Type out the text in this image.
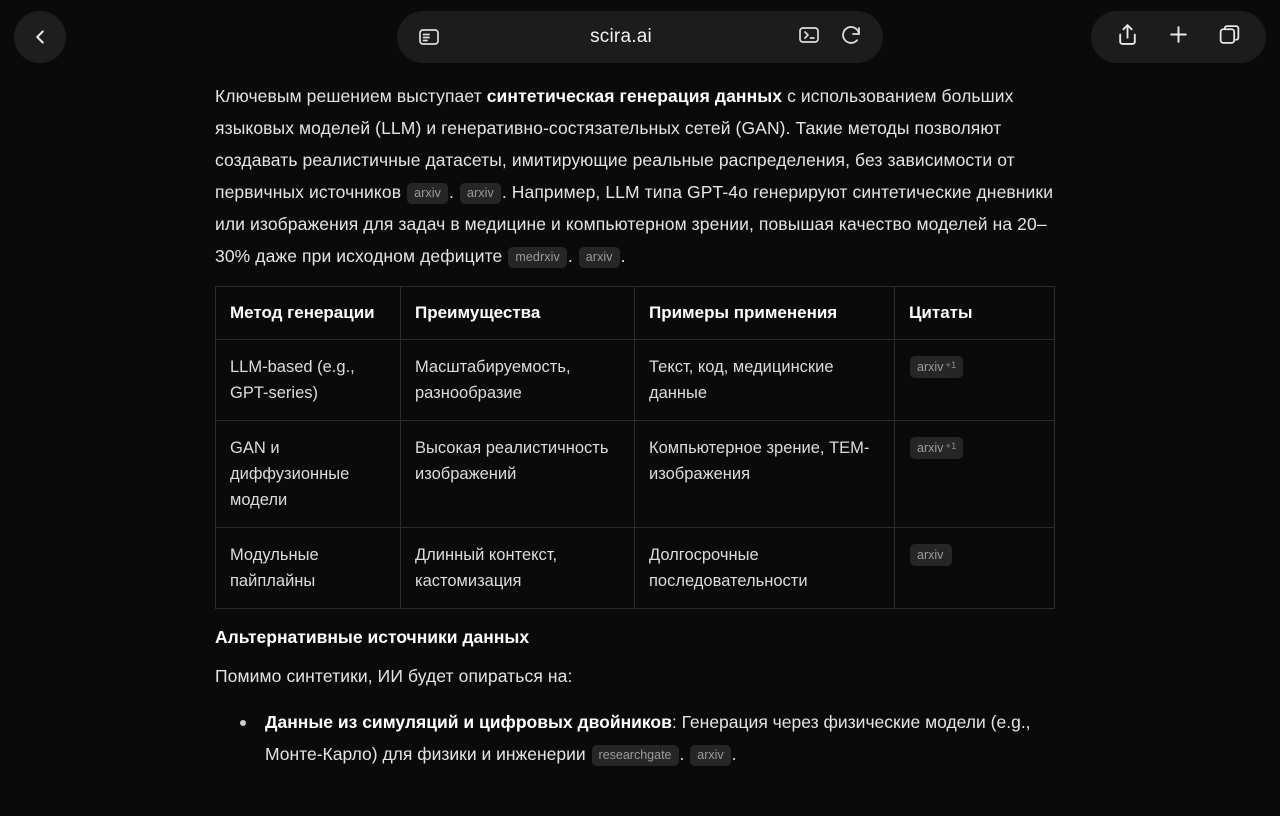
scira.ai

Ключевым решением выступает синтетическая генерация данных с использованием больших языковых моделей (LLM) и генеративно-состязательных сетей (GAN). Такие методы позволяют создавать реалистичные датасеты, имитирующие реальные распределения, без зависимости от первичных источников arxiv . arxiv . Например, LLM типа GPT-4o генерируют синтетические дневники или изображения для задач в медицине и компьютерном зрении, повышая качество моделей на 20–30% даже при исходном дефиците medrxiv . arxiv .

Метод генерации	Преимущества	Примеры применения	Цитаты
LLM-based (e.g., GPT-series)	Масштабируемость, разнообразие	Текст, код, медицинские данные	arxiv $^{+1}$
GAN и диффузионные модели	Высокая реалистичность изображений	Компьютерное зрение, TEM-изображения	arxiv $^{+1}$
Модульные пайплайны	Длинный контекст, кастомизация	Долгосрочные последовательности	arxiv
Альтернативные источники данных

Помимо синтетики, ИИ будет опираться на:

Данные из симуляций и цифровых двойников: Генерация через физические модели (e.g., Монте-Карло) для физики и инженерии researchgate . arxiv .
